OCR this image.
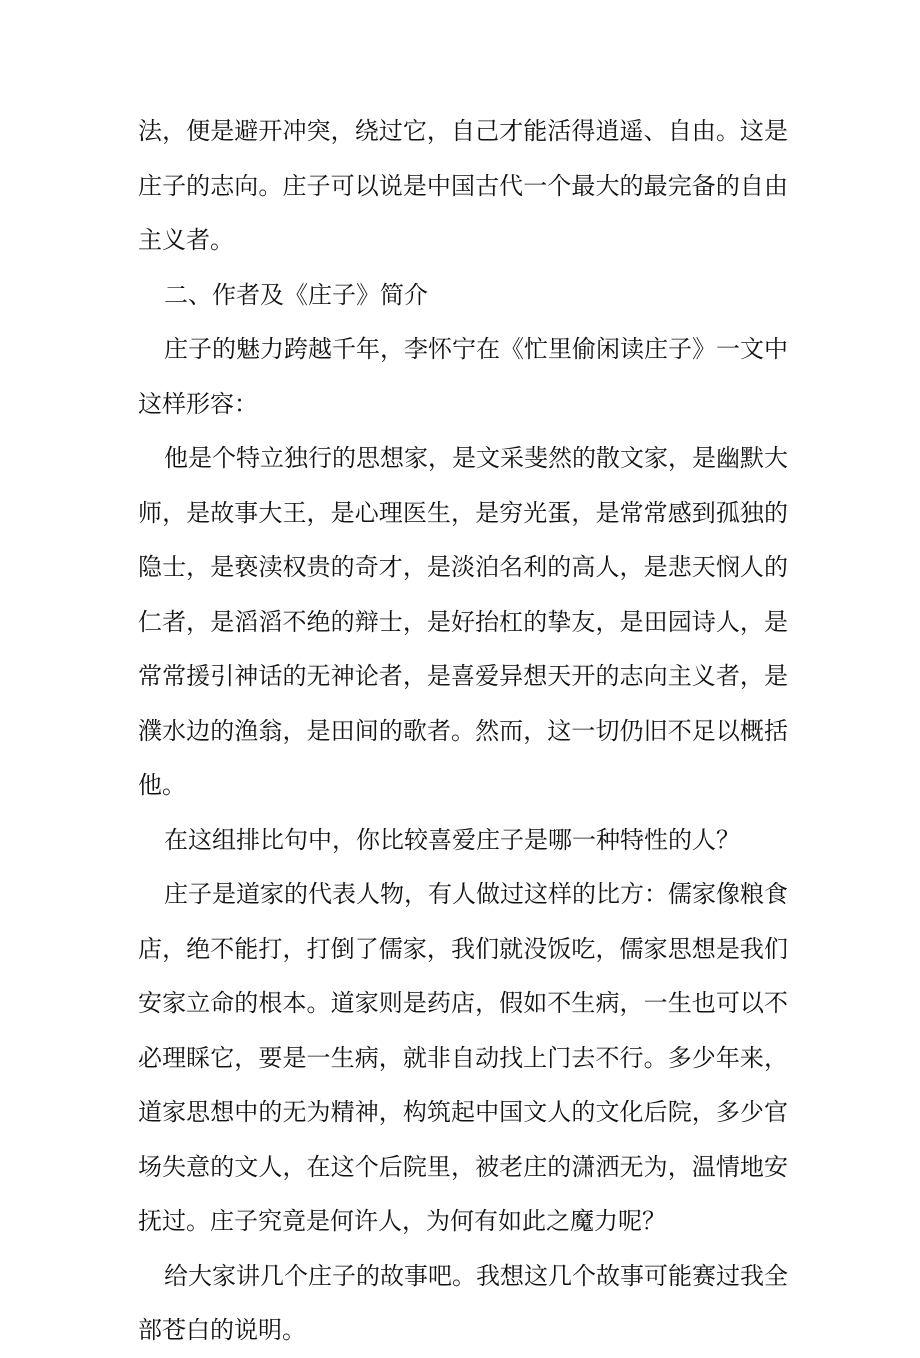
法，便是避开冲突，绕过它，自己才能活得逍遥、自由。这是庄子的志向。庄子可以说是中国古代一个最大的最完备的自由主义者。

二、作者及《庄子》简介

庄子的魅力跨越千年，李怀宁在《忙里偷闲读庄子》一文中这样形容：

他是个特立独行的思想家，是文采斐然的散文家，是幽默大师，是故事大王，是心理医生，是穷光蛋，是常常感到孤独的隐士，是亵渎权贵的奇才，是淡泊名利的高人，是悲天悯人的仁者，是滔滔不绝的辩士，是好抬杠的挚友，是田园诗人，是常常援引神话的无神论者，是喜爱异想天开的志向主义者，是濮水边的渔翁，是田间的歌者。然而，这一切仍旧不足以概括他。

在这组排比句中，你比较喜爱庄子是哪一种特性的人？

庄子是道家的代表人物，有人做过这样的比方：儒家像粮食店，绝不能打，打倒了儒家，我们就没饭吃，儒家思想是我们安家立命的根本。道家则是药店，假如不生病，一生也可以不必理睬它，要是一生病，就非自动找上门去不行。多少年来，道家思想中的无为精神，构筑起中国文人的文化后院，多少官场失意的文人，在这个后院里，被老庄的潇洒无为，温情地安抚过。庄子究竟是何许人，为何有如此之魔力呢？

给大家讲几个庄子的故事吧。我想这几个故事可能赛过我全部苍白的说明。
